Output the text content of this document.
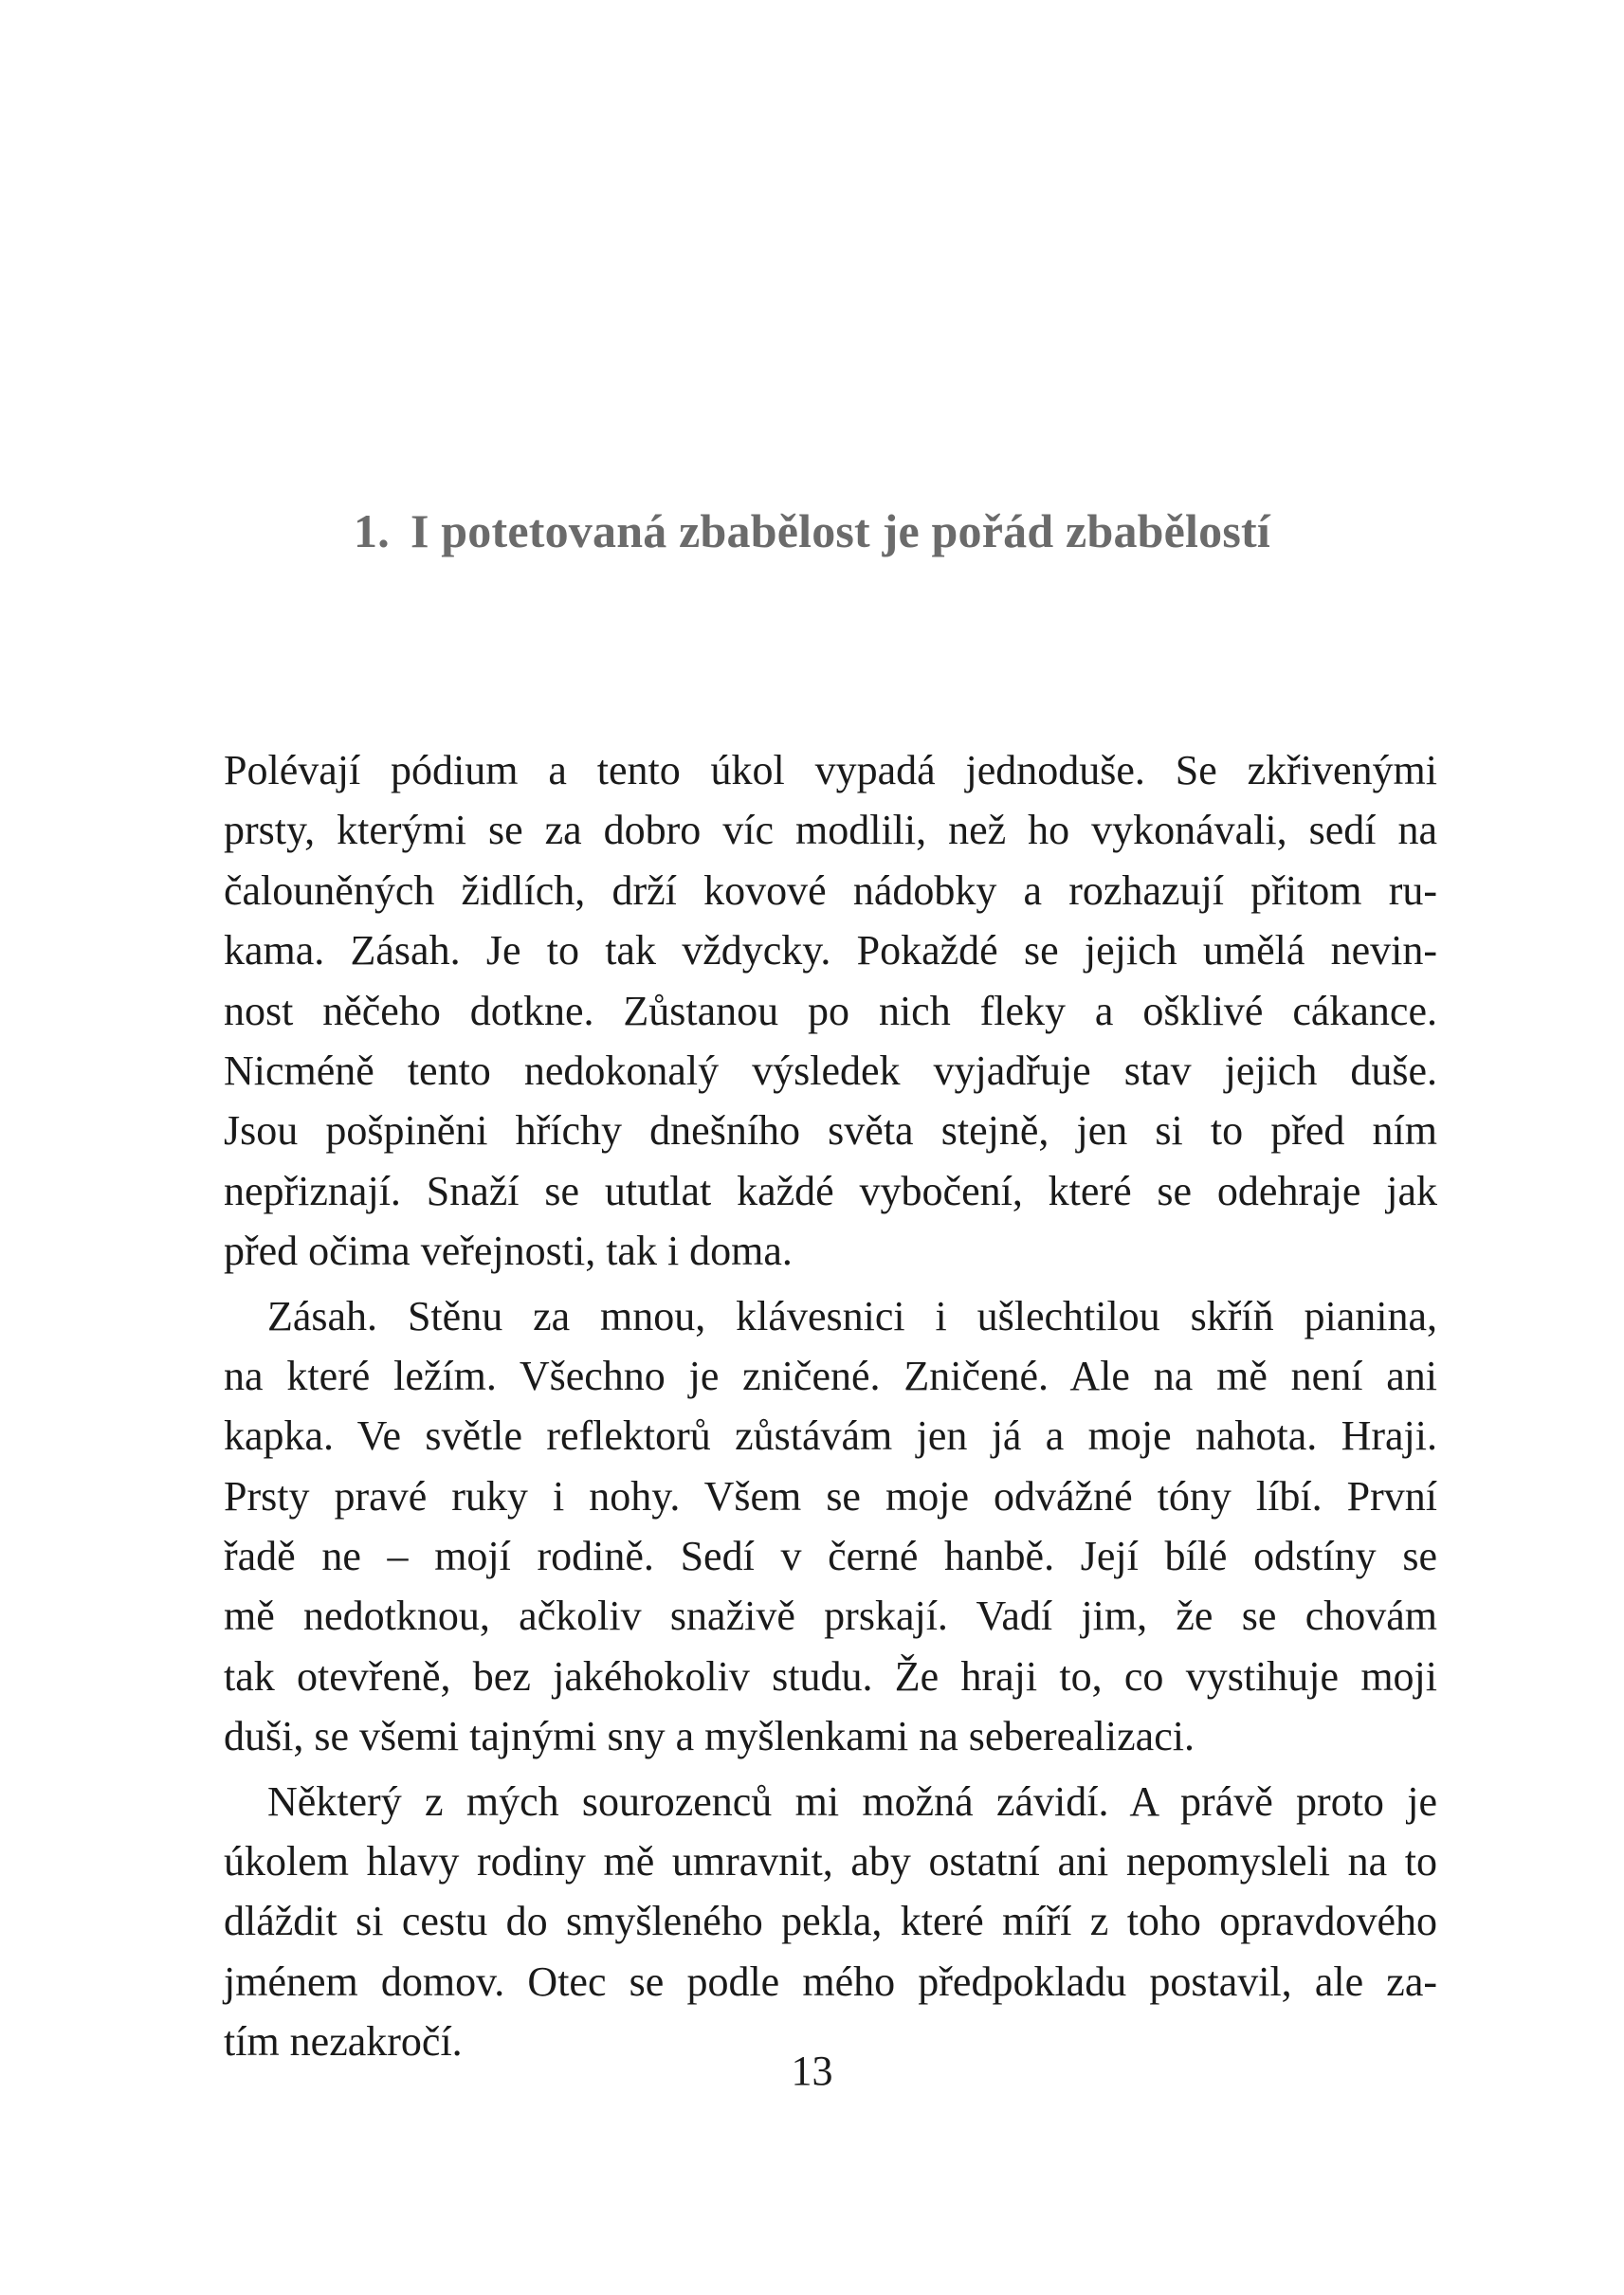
1. I potetovaná zbabělost je pořád zbabělostí
Polévají pódium a tento úkol vypadá jednoduše. Se zkřivenými
prsty, kterými se za dobro víc modlili, než ho vykonávali, sedí na
čalouněných židlích, drží kovové nádobky a rozhazují přitom ru-
kama. Zásah. Je to tak vždycky. Pokaždé se jejich umělá nevin-
nost něčeho dotkne. Zůstanou po nich fleky a ošklivé cákance.
Nicméně tento nedokonalý výsledek vyjadřuje stav jejich duše.
Jsou pošpiněni hříchy dnešního světa stejně, jen si to před ním
nepřiznají. Snaží se ututlat každé vybočení, které se odehraje jak
před očima veřejnosti, tak i doma.
Zásah. Stěnu za mnou, klávesnici i ušlechtilou skříň pianina,
na které ležím. Všechno je zničené. Zničené. Ale na mě není ani
kapka. Ve světle reflektorů zůstávám jen já a moje nahota. Hraji.
Prsty pravé ruky i nohy. Všem se moje odvážné tóny líbí. První
řadě ne – mojí rodině. Sedí v černé hanbě. Její bílé odstíny se
mě nedotknou, ačkoliv snaživě prskají. Vadí jim, že se chovám
tak otevřeně, bez jakéhokoliv studu. Že hraji to, co vystihuje moji
duši, se všemi tajnými sny a myšlenkami na seberealizaci.
Některý z mých sourozenců mi možná závidí. A právě proto je
úkolem hlavy rodiny mě umravnit, aby ostatní ani nepomysleli na to
dláždit si cestu do smyšleného pekla, které míří z toho opravdového
jménem domov. Otec se podle mého předpokladu postavil, ale za-
tím nezakročí.
13
